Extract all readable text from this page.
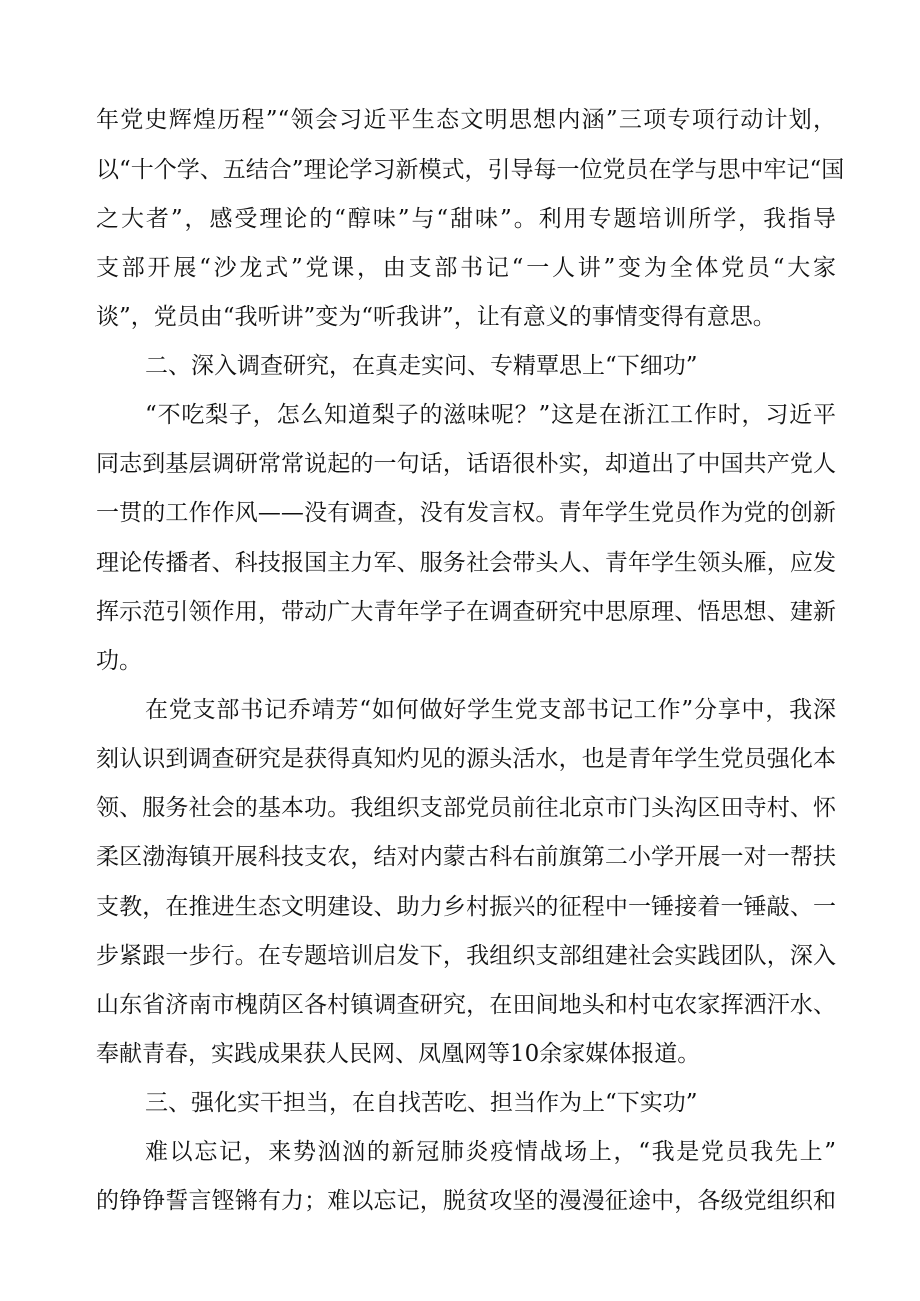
年党史辉煌历程”“领会习近平生态文明思想内涵”三项专项行动计划，
以“十个学、五结合”理论学习新模式，引导每一位党员在学与思中牢记“国
之大者”，感受理论的“醇味”与“甜味”。利用专题培训所学，我指导
支部开展“沙龙式”党课，由支部书记“一人讲”变为全体党员“大家
谈”，党员由“我听讲”变为“听我讲”，让有意义的事情变得有意思。
二、深入调查研究，在真走实问、专精覃思上“下细功”
“不吃梨子，怎么知道梨子的滋味呢？”这是在浙江工作时，习近平
同志到基层调研常常说起的一句话，话语很朴实，却道出了中国共产党人
一贯的工作作风——没有调查，没有发言权。青年学生党员作为党的创新
理论传播者、科技报国主力军、服务社会带头人、青年学生领头雁，应发
挥示范引领作用，带动广大青年学子在调查研究中思原理、悟思想、建新
功。
在党支部书记乔靖芳“如何做好学生党支部书记工作”分享中，我深
刻认识到调查研究是获得真知灼见的源头活水，也是青年学生党员强化本
领、服务社会的基本功。我组织支部党员前往北京市门头沟区田寺村、怀
柔区渤海镇开展科技支农，结对内蒙古科右前旗第二小学开展一对一帮扶
支教，在推进生态文明建设、助力乡村振兴的征程中一锤接着一锤敲、一
步紧跟一步行。在专题培训启发下，我组织支部组建社会实践团队，深入
山东省济南市槐荫区各村镇调查研究，在田间地头和村屯农家挥洒汗水、
奉献青春，实践成果获人民网、凤凰网等10余家媒体报道。
三、强化实干担当，在自找苦吃、担当作为上“下实功”
难以忘记，来势汹汹的新冠肺炎疫情战场上，“我是党员我先上”
的铮铮誓言铿锵有力；难以忘记，脱贫攻坚的漫漫征途中，各级党组织和
